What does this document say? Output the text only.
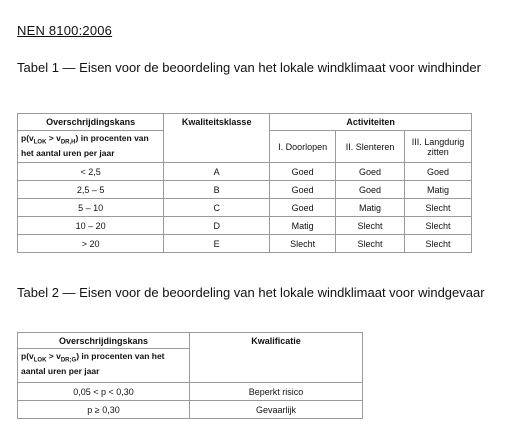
NEN 8100:2006
Tabel 1 — Eisen voor de beoordeling van het lokale windklimaat voor windhinder
Overschrijdingskans	Kwaliteitsklasse	Activiteiten		
$p(v_{LOK} > v_{DR,H})$ in procenten van het aantal uren per jaar		I. Doorlopen	II. Slenteren	III. Langdurig zitten
< 2,5	A	Goed	Goed	Goed
2,5 – 5	B	Goed	Goed	Matig
5 – 10	C	Goed	Matig	Slecht
10 – 20	D	Matig	Slecht	Slecht
> 20	E	Slecht	Slecht	Slecht
Tabel 2 — Eisen voor de beoordeling van het lokale windklimaat voor windgevaar
Overschrijdingskans	Kwalificatie
$p(v_{LOK} > v_{DR;G})$ in procenten van het aantal uren per jaar	
0,05 < p < 0,30	Beperkt risico
p ≥ 0,30	Gevaarlijk
